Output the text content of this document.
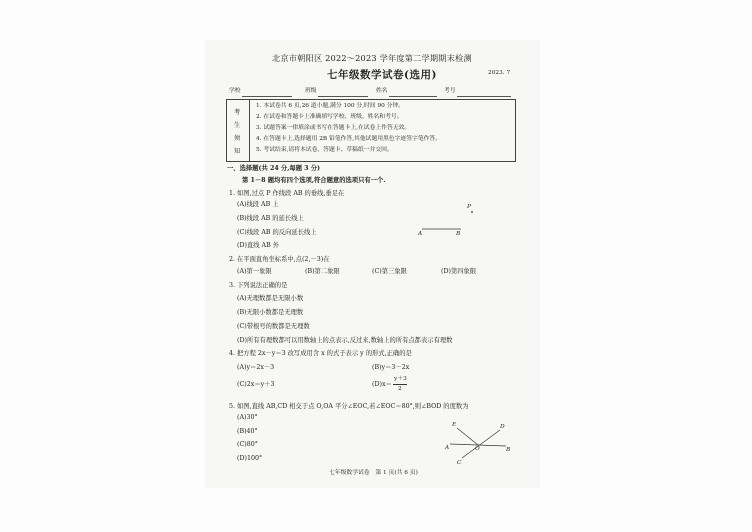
北京市朝阳区 2022～2023 学年度第二学期期末检测
七年级数学试卷(选用)	2023. 7
学校	班级	姓名	考号
考
生
须
知
1. 本试卷共 6 页,26 道小题,满分 100 分,时间 90 分钟。
2. 在试卷和答题卡上准确填写学校、班级、姓名和考号。
3. 试题答案一律填涂或书写在答题卡上,在试卷上作答无效。
4. 在答题卡上,选择题用 2B 铅笔作答,其他试题用黑色字迹签字笔作答。
5. 考试结束,请将本试卷、答题卡、草稿纸一并交回。
一、选择题(共 24 分,每题 3 分)
第 1－8 题均有四个选项,符合题意的选项只有一个.
1. 如图,过点 P 作线段 AB 的垂线,垂足在
(A)线段 AB 上
(B)线段 AB 的延长线上
(C)线段 AB 的反向延长线上
(D)直线 AB 外
P
A	B
2. 在平面直角坐标系中,点(2,－3)在
(A)第一象限	(B)第二象限	(C)第三象限	(D)第四象限
3. 下列说法正确的是
(A)无理数都是无限小数
(B)无限小数都是无理数
(C)带根号的数都是无理数
(D)所有有理数都可以用数轴上的点表示,反过来,数轴上的所有点都表示有理数
4. 把方程 2x－y＝3 改写成用含 x 的式子表示 y 的形式,正确的是
(A)y＝2x－3	(B)y＝3－2x
(C)2x＝y＋3	(D)x＝
y＋3
2
5. 如图,直线 AB,CD 相交于点 O,OA 平分∠EOC,若∠EOC＝80°,则∠BOD 的度数为
(A)30°
(B)40°
(C)80°
(D)100°
E	D
A	O	B
C
七年级数学试卷　第 1 页(共 6 页)
